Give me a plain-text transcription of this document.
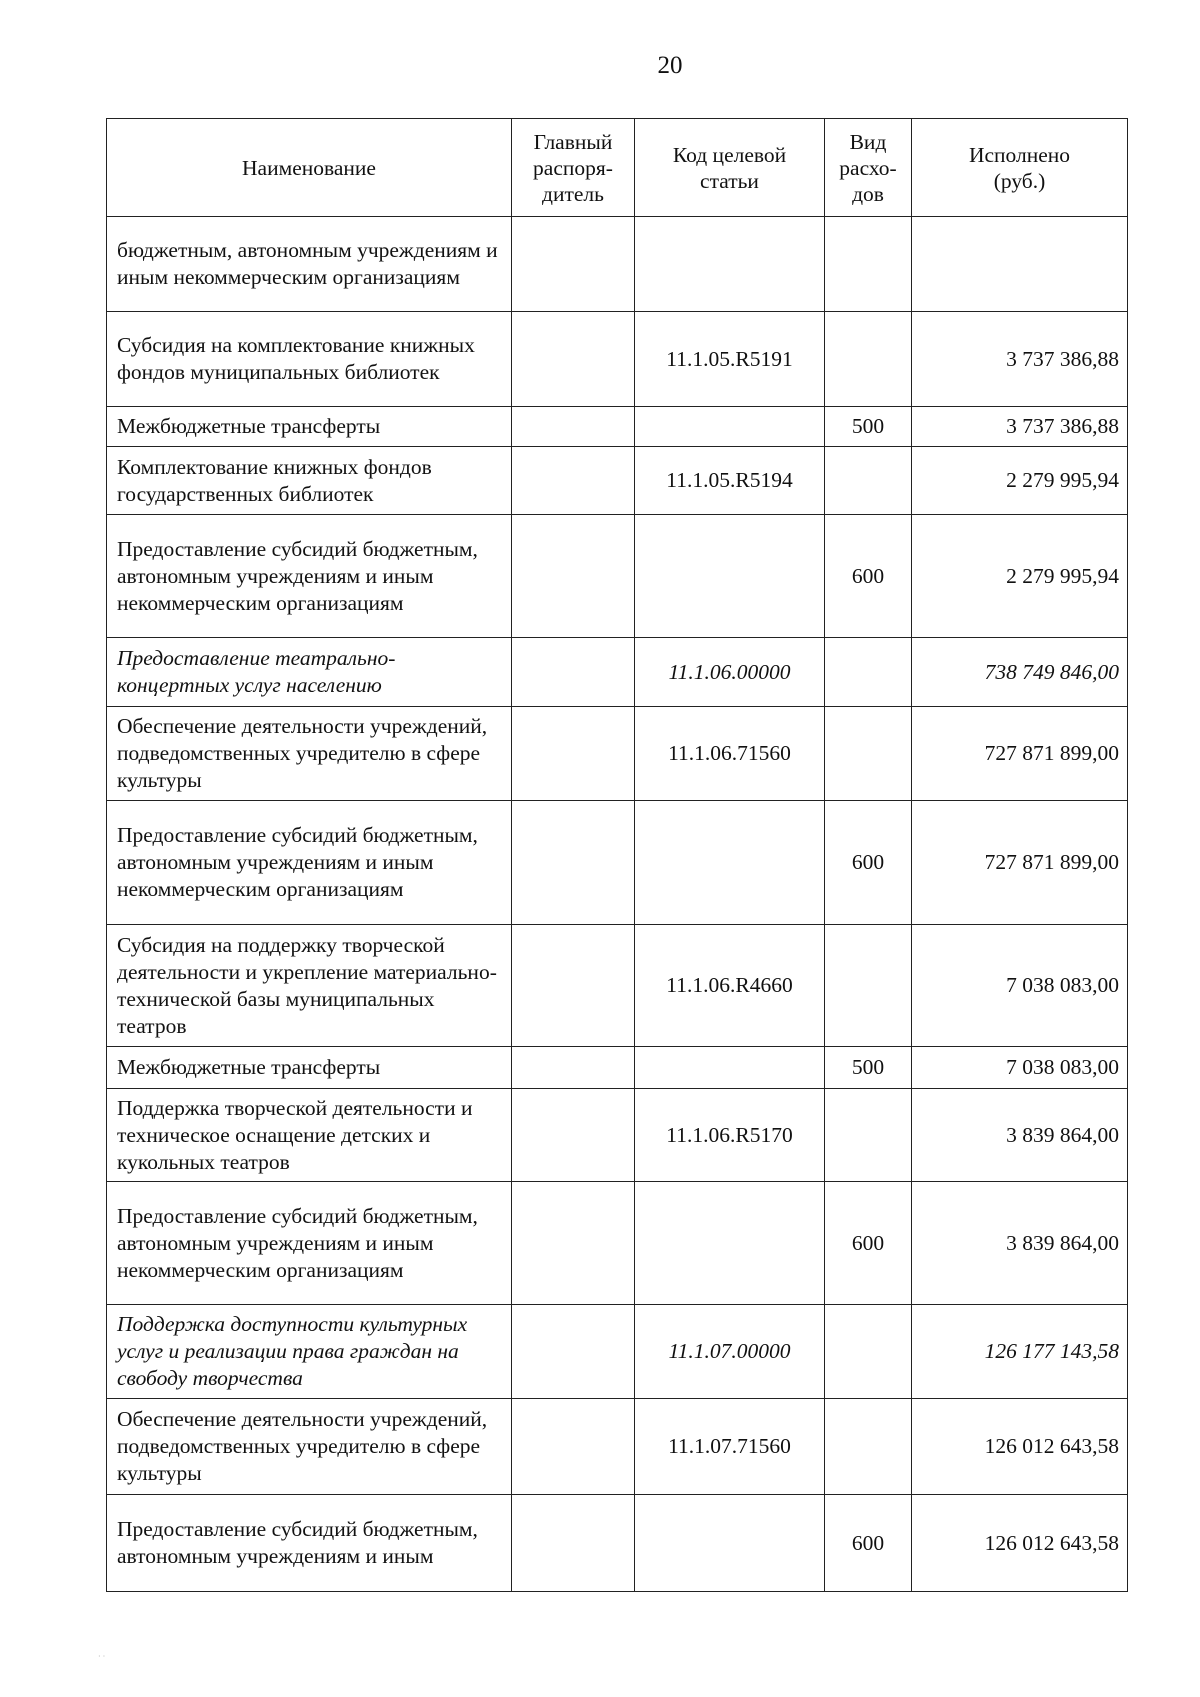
20
Наименование	Главный распоря-дитель	Код целевой статьи	Вид расхо-дов	Исполнено (руб.)
бюджетным, автономным учреждениям и иным некоммерческим организациям				
Субсидия на комплектование книжных фондов муниципальных библиотек		11.1.05.R5191		3 737 386,88
Межбюджетные трансферты			500	3 737 386,88
Комплектование книжных фондов государственных библиотек		11.1.05.R5194		2 279 995,94
Предоставление субсидий бюджетным, автономным учреждениям и иным некоммерческим организациям			600	2 279 995,94
Предоставление театрально-концертных услуг населению		11.1.06.00000		738 749 846,00
Обеспечение деятельности учреждений, подведомственных учредителю в сфере культуры		11.1.06.71560		727 871 899,00
Предоставление субсидий бюджетным, автономным учреждениям и иным некоммерческим организациям			600	727 871 899,00
Субсидия на поддержку творческой деятельности и укрепление материально-технической базы муниципальных театров		11.1.06.R4660		7 038 083,00
Межбюджетные трансферты			500	7 038 083,00
Поддержка творческой деятельности и техническое оснащение детских и кукольных театров		11.1.06.R5170		3 839 864,00
Предоставление субсидий бюджетным, автономным учреждениям и иным некоммерческим организациям			600	3 839 864,00
Поддержка доступности культурных услуг и реализации права граждан на свободу творчества		11.1.07.00000		126 177 143,58
Обеспечение деятельности учреждений, подведомственных учредителю в сфере культуры		11.1.07.71560		126 012 643,58
Предоставление субсидий бюджетным, автономным учреждениям и иным			600	126 012 643,58
· ·
